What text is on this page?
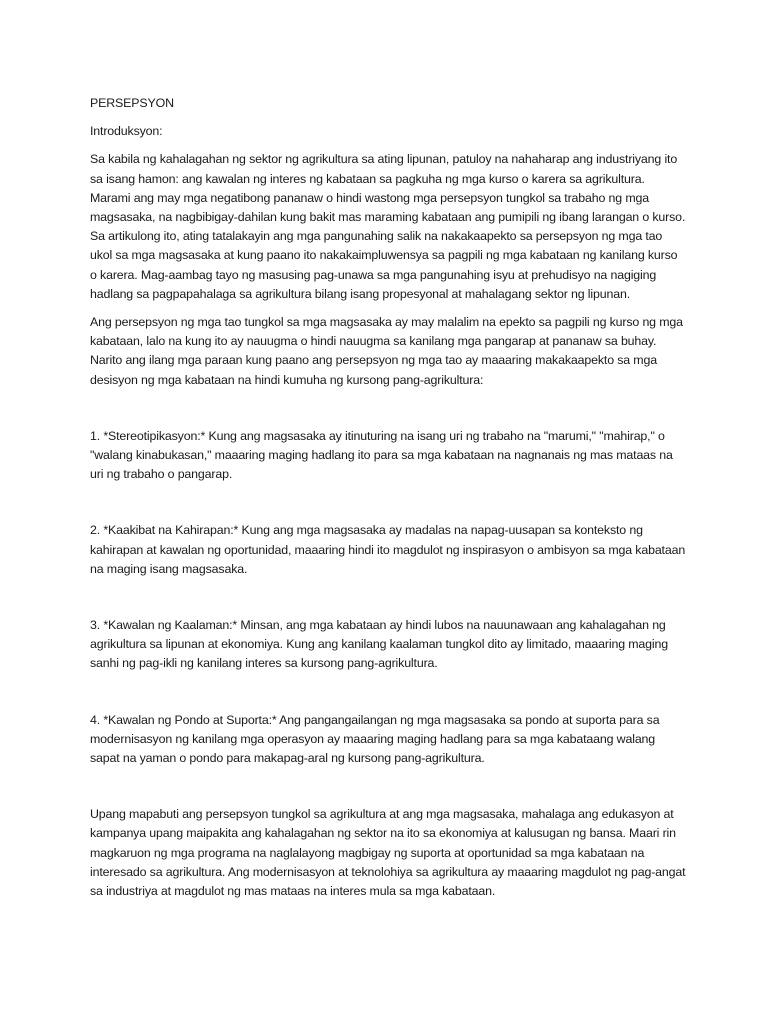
PERSEPSYON

Introduksyon:

Sa kabila ng kahalagahan ng sektor ng agrikultura sa ating lipunan, patuloy na nahaharap ang industriyang ito sa isang hamon: ang kawalan ng interes ng kabataan sa pagkuha ng mga kurso o karera sa agrikultura. Marami ang may mga negatibong pananaw o hindi wastong mga persepsyon tungkol sa trabaho ng mga magsasaka, na nagbibigay-dahilan kung bakit mas maraming kabataan ang pumipili ng ibang larangan o kurso. Sa artikulong ito, ating tatalakayin ang mga pangunahing salik na nakakaapekto sa persepsyon ng mga tao ukol sa mga magsasaka at kung paano ito nakakaimpluwensya sa pagpili ng mga kabataan ng kanilang kurso o karera. Mag-aambag tayo ng masusing pag-unawa sa mga pangunahing isyu at prehudisyo na nagiging hadlang sa pagpapahalaga sa agrikultura bilang isang propesyonal at mahalagang sektor ng lipunan.

Ang persepsyon ng mga tao tungkol sa mga magsasaka ay may malalim na epekto sa pagpili ng kurso ng mga kabataan, lalo na kung ito ay nauugma o hindi nauugma sa kanilang mga pangarap at pananaw sa buhay. Narito ang ilang mga paraan kung paano ang persepsyon ng mga tao ay maaaring makakaapekto sa mga desisyon ng mga kabataan na hindi kumuha ng kursong pang-agrikultura:

1. *Stereotipikasyon:* Kung ang magsasaka ay itinuturing na isang uri ng trabaho na "marumi," "mahirap," o "walang kinabukasan," maaaring maging hadlang ito para sa mga kabataan na nagnanais ng mas mataas na uri ng trabaho o pangarap.

2. *Kaakibat na Kahirapan:* Kung ang mga magsasaka ay madalas na napag-uusapan sa konteksto ng kahirapan at kawalan ng oportunidad, maaaring hindi ito magdulot ng inspirasyon o ambisyon sa mga kabataan na maging isang magsasaka.

3. *Kawalan ng Kaalaman:* Minsan, ang mga kabataan ay hindi lubos na nauunawaan ang kahalagahan ng agrikultura sa lipunan at ekonomiya. Kung ang kanilang kaalaman tungkol dito ay limitado, maaaring maging sanhi ng pag-ikli ng kanilang interes sa kursong pang-agrikultura.

4. *Kawalan ng Pondo at Suporta:* Ang pangangailangan ng mga magsasaka sa pondo at suporta para sa modernisasyon ng kanilang mga operasyon ay maaaring maging hadlang para sa mga kabataang walang sapat na yaman o pondo para makapag-aral ng kursong pang-agrikultura.

Upang mapabuti ang persepsyon tungkol sa agrikultura at ang mga magsasaka, mahalaga ang edukasyon at kampanya upang maipakita ang kahalagahan ng sektor na ito sa ekonomiya at kalusugan ng bansa. Maari rin magkaruon ng mga programa na naglalayong magbigay ng suporta at oportunidad sa mga kabataan na interesado sa agrikultura. Ang modernisasyon at teknolohiya sa agrikultura ay maaaring magdulot ng pag-angat sa industriya at magdulot ng mas mataas na interes mula sa mga kabataan.
